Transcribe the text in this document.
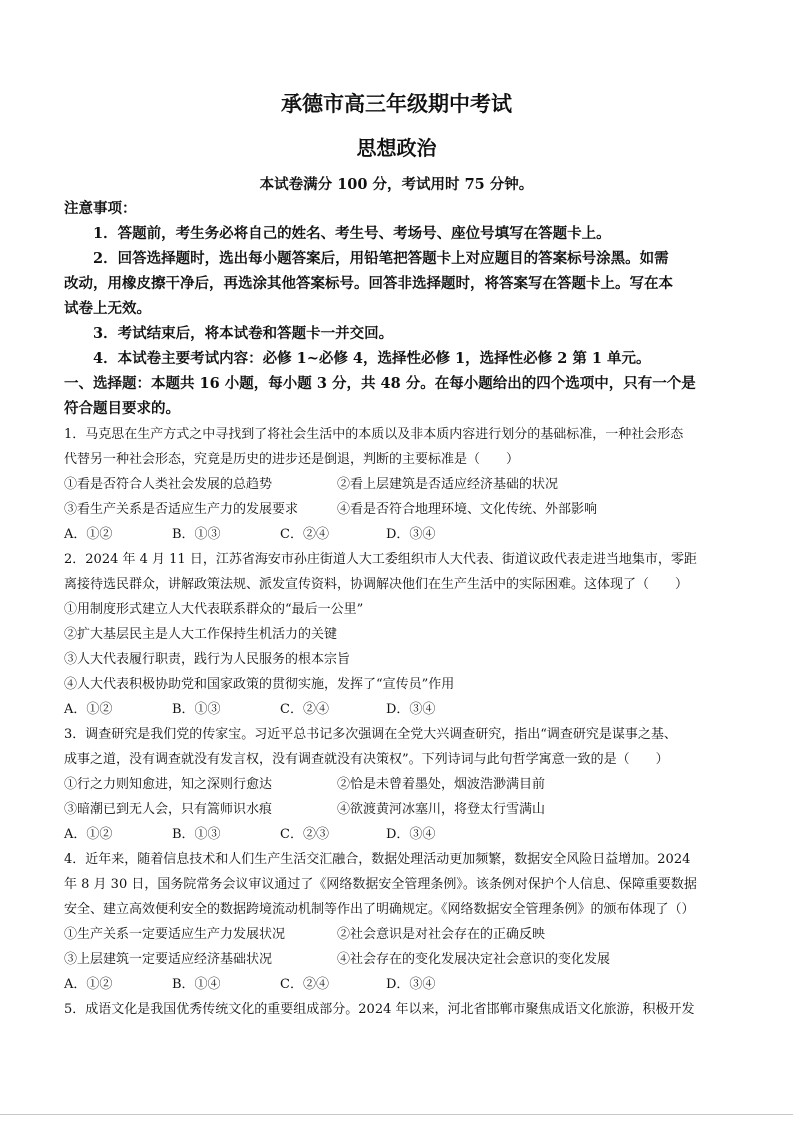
承德市高三年级期中考试
思想政治
本试卷满分 100 分，考试用时 75 分钟。
注意事项：
1．答题前，考生务必将自己的姓名、考生号、考场号、座位号填写在答题卡上。
2．回答选择题时，选出每小题答案后，用铅笔把答题卡上对应题目的答案标号涂黑。如需
改动，用橡皮擦干净后，再选涂其他答案标号。回答非选择题时，将答案写在答题卡上。写在本
试卷上无效。
3．考试结束后，将本试卷和答题卡一并交回。
4．本试卷主要考试内容：必修 1~必修 4，选择性必修 1，选择性必修 2 第 1 单元。
一、选择题：本题共 16 小题，每小题 3 分，共 48 分。在每小题给出的四个选项中，只有一个是
符合题目要求的。
1．马克思在生产方式之中寻找到了将社会生活中的本质以及非本质内容进行划分的基础标准，一种社会形态
代替另一种社会形态，究竟是历史的进步还是倒退，判断的主要标准是（　　）
①看是否符合人类社会发展的总趋势	②看上层建筑是否适应经济基础的状况
③看生产关系是否适应生产力的发展要求	④看是否符合地理环境、文化传统、外部影响
A．①②	B．①③	C．②④	D．③④
2．2024 年 4 月 11 日，江苏省海安市孙庄街道人大工委组织市人大代表、街道议政代表走进当地集市，零距
离接待选民群众，讲解政策法规、派发宣传资料，协调解决他们在生产生活中的实际困难。这体现了（　　）
①用制度形式建立人大代表联系群众的“最后一公里”
②扩大基层民主是人大工作保持生机活力的关键
③人大代表履行职责，践行为人民服务的根本宗旨
④人大代表积极协助党和国家政策的贯彻实施，发挥了“宣传员”作用
A．①②	B．①③	C．②④	D．③④
3．调查研究是我们党的传家宝。习近平总书记多次强调在全党大兴调查研究，指出“调查研究是谋事之基、
成事之道，没有调查就没有发言权，没有调查就没有决策权”。下列诗词与此句哲学寓意一致的是（　　）
①行之力则知愈进，知之深则行愈达	②恰是未曾着墨处，烟波浩渺满目前
③暗潮已到无人会，只有篙师识水痕	④欲渡黄河冰塞川，将登太行雪满山
A．①②	B．①③	C．②③	D．③④
4．近年来，随着信息技术和人们生产生活交汇融合，数据处理活动更加频繁，数据安全风险日益增加。2024
年 8 月 30 日，国务院常务会议审议通过了《网络数据安全管理条例》。该条例对保护个人信息、保障重要数据
安全、建立高效便利安全的数据跨境流动机制等作出了明确规定。《网络数据安全管理条例》的颁布体现了（）
①生产关系一定要适应生产力发展状况	②社会意识是对社会存在的正确反映
③上层建筑一定要适应经济基础状况	④社会存在的变化发展决定社会意识的变化发展
A．①②	B．①④	C．②④	D．③④
5．成语文化是我国优秀传统文化的重要组成部分。2024 年以来，河北省邯郸市聚焦成语文化旅游，积极开发
